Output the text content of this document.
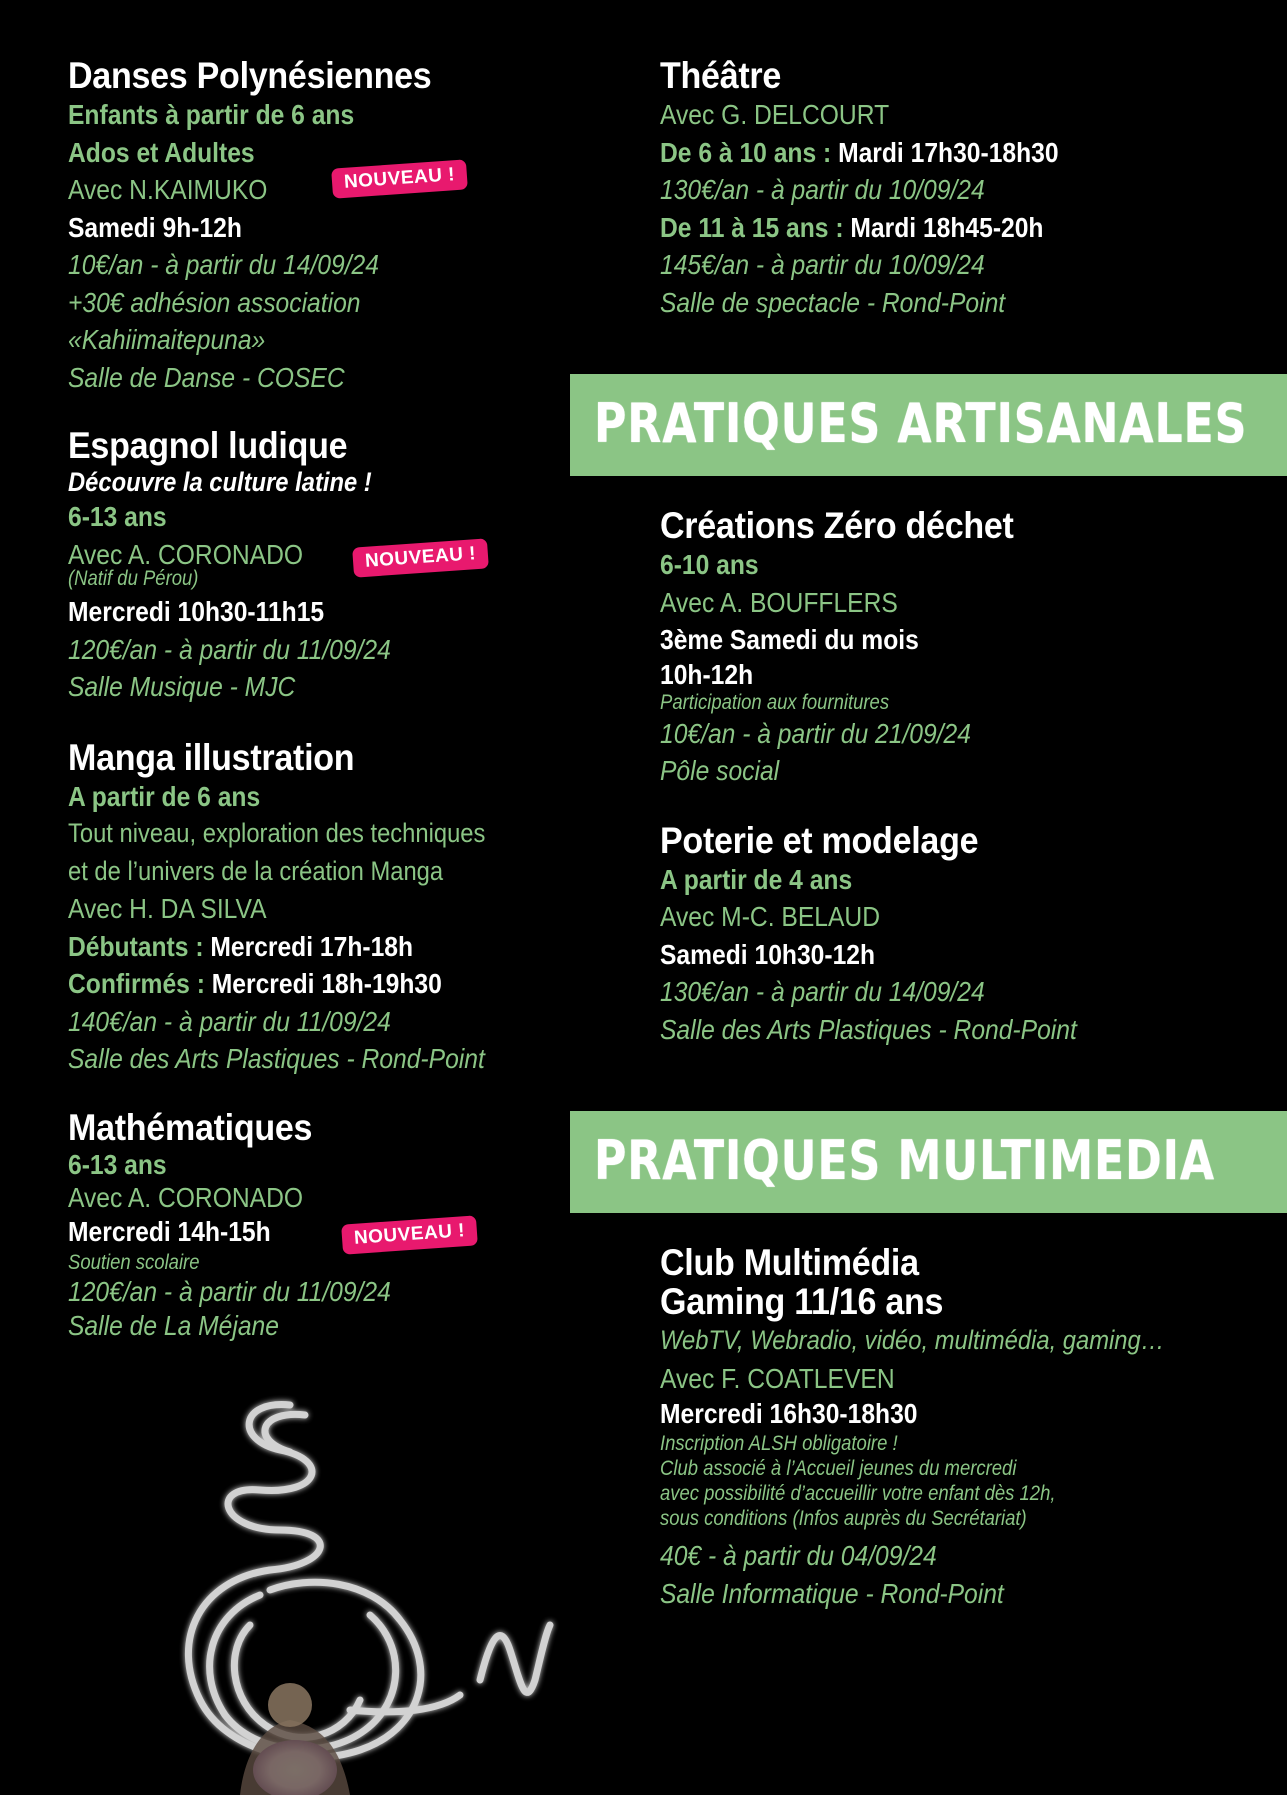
Danses Polynésiennes
Enfants à partir de 6 ans
Ados et Adultes
Avec N.KAIMUKO
Samedi 9h-12h
10€/an - à partir du 14/09/24
+30€ adhésion association
«Kahiimaitepuna»
Salle de Danse - COSEC
NOUVEAU !
Espagnol ludique
Découvre la culture latine !
6-13 ans
Avec A. CORONADO
(Natif du Pérou)
Mercredi 10h30-11h15
120€/an - à partir du 11/09/24
Salle Musique - MJC
NOUVEAU !
Manga illustration
A partir de 6 ans
Tout niveau, exploration des techniques
et de l’univers de la création Manga
Avec H. DA SILVA
Débutants : Mercredi 17h-18h
Confirmés : Mercredi 18h-19h30
140€/an - à partir du 11/09/24
Salle des Arts Plastiques - Rond-Point
Mathématiques
6-13 ans
Avec A. CORONADO
Mercredi 14h-15h
Soutien scolaire
120€/an - à partir du 11/09/24
Salle de La Méjane
NOUVEAU !
Théâtre
Avec G. DELCOURT
De 6 à 10 ans : Mardi 17h30-18h30
130€/an - à partir du 10/09/24
De 11 à 15 ans : Mardi 18h45-20h
145€/an - à partir du 10/09/24
Salle de spectacle - Rond-Point
PRATIQUES ARTISANALES
Créations Zéro déchet
6-10 ans
Avec A. BOUFFLERS
3ème Samedi du mois
10h-12h
Participation aux fournitures
10€/an - à partir du 21/09/24
Pôle social
Poterie et modelage
A partir de 4 ans
Avec M-C. BELAUD
Samedi 10h30-12h
130€/an - à partir du 14/09/24
Salle des Arts Plastiques - Rond-Point
PRATIQUES MULTIMEDIA
Club Multimédia
Gaming 11/16 ans
WebTV, Webradio, vidéo, multimédia, gaming…
Avec F. COATLEVEN
Mercredi 16h30-18h30
Inscription ALSH obligatoire !
Club associé à l’Accueil jeunes du mercredi
avec possibilité d’accueillir votre enfant dès 12h,
sous conditions (Infos auprès du Secrétariat)
40€ - à partir du 04/09/24
Salle Informatique - Rond-Point
